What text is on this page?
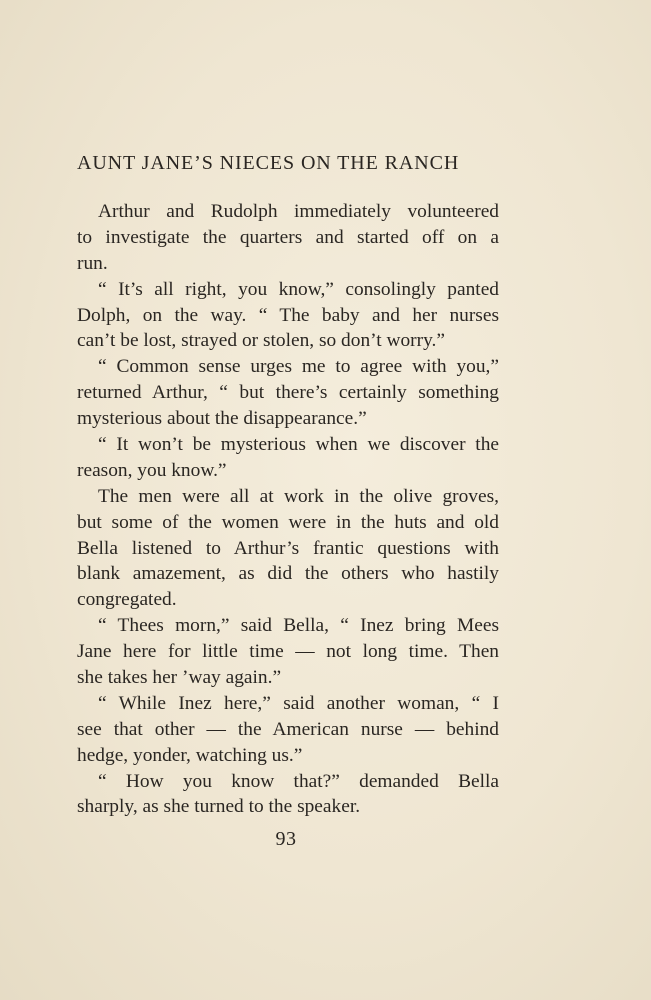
AUNT JANE’S NIECES ON THE RANCH
Arthur and Rudolph immediately volunteered
to investigate the quarters and started off on a
run.
“ It’s all right, you know,” consolingly panted
Dolph, on the way. “ The baby and her nurses
can’t be lost, strayed or stolen, so don’t worry.”
“ Common sense urges me to agree with you,”
returned Arthur, “ but there’s certainly something
mysterious about the disappearance.”
“ It won’t be mysterious when we discover the
reason, you know.”
The men were all at work in the olive groves,
but some of the women were in the huts and old
Bella listened to Arthur’s frantic questions with
blank amazement, as did the others who hastily
congregated.
“ Thees morn,” said Bella, “ Inez bring Mees
Jane here for little time — not long time. Then
she takes her ’way again.”
“ While Inez here,” said another woman, “ I
see that other — the American nurse — behind
hedge, yonder, watching us.”
“ How you know that?” demanded Bella
sharply, as she turned to the speaker.
93
